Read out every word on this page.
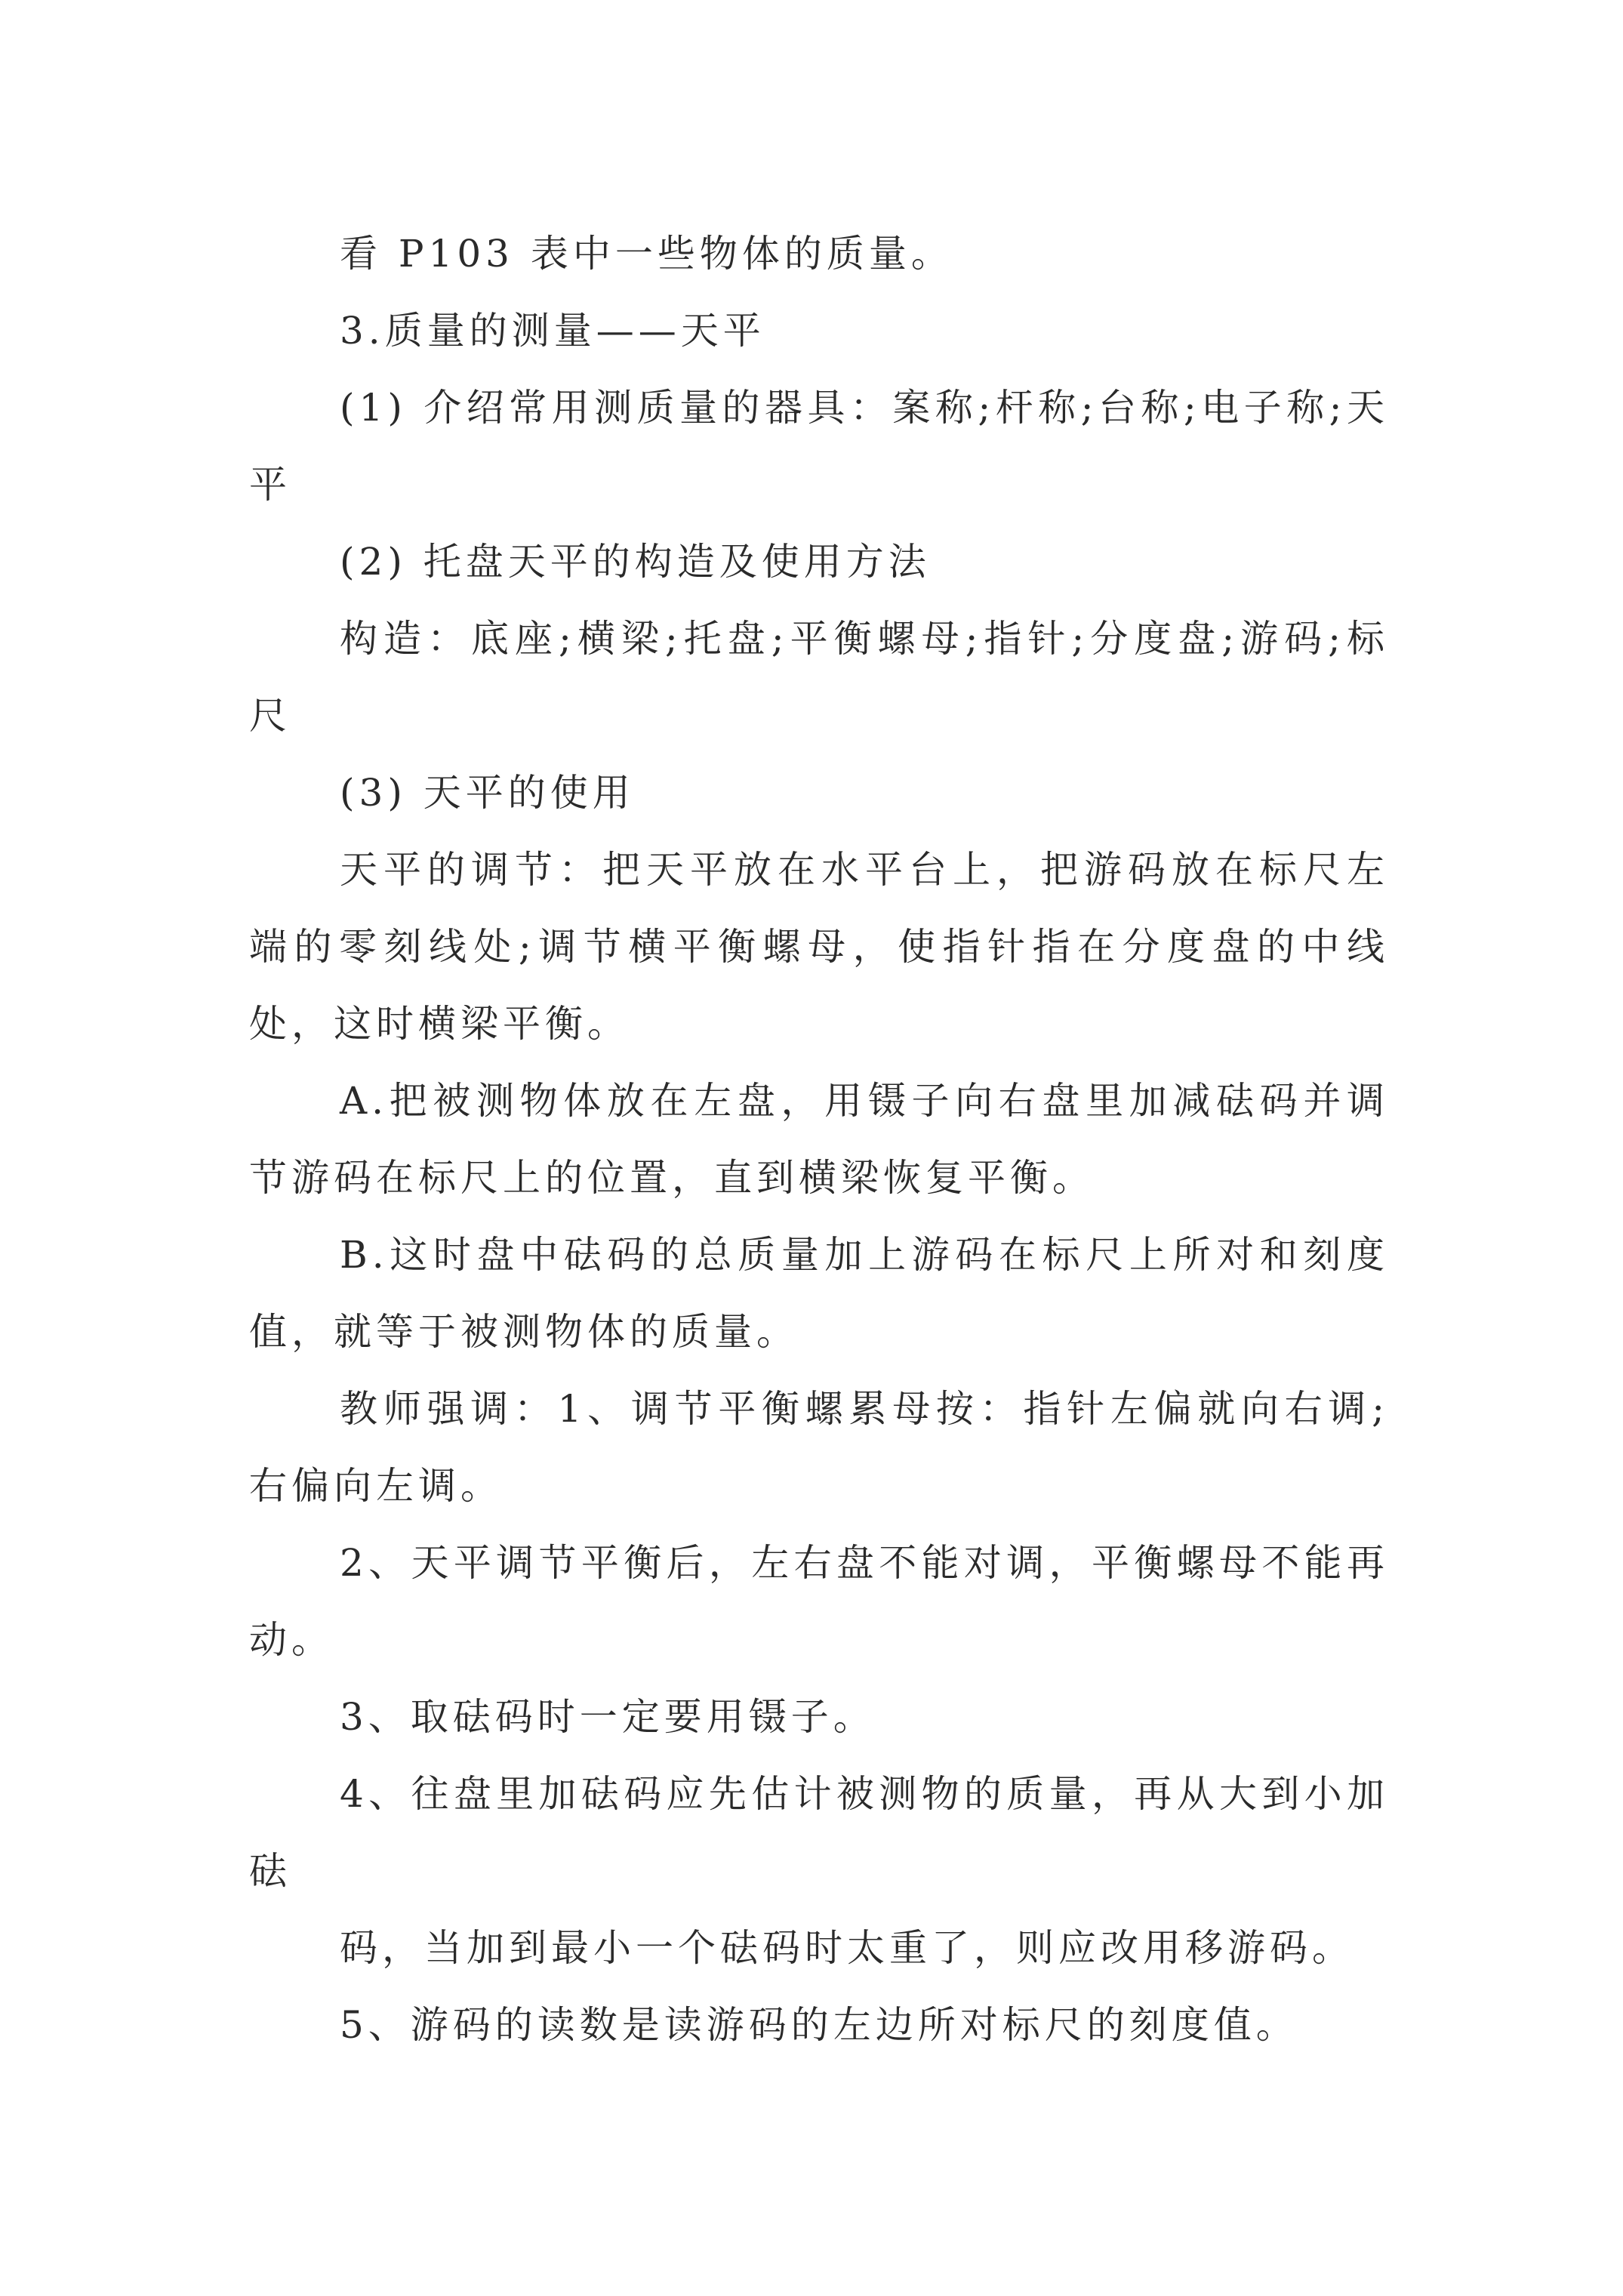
看 P103 表中一些物体的质量。

3.质量的测量——天平

(1) 介绍常用测质量的器具：案称;杆称;台称;电子称;天平

(2) 托盘天平的构造及使用方法

构造：底座;横梁;托盘;平衡螺母;指针;分度盘;游码;标尺

(3) 天平的使用

天平的调节：把天平放在水平台上，把游码放在标尺左端的零刻线处;调节横平衡螺母，使指针指在分度盘的中线处，这时横梁平衡。

A.把被测物体放在左盘，用镊子向右盘里加减砝码并调节游码在标尺上的位置，直到横梁恢复平衡。

B.这时盘中砝码的总质量加上游码在标尺上所对和刻度值，就等于被测物体的质量。

教师强调：1、调节平衡螺累母按：指针左偏就向右调;右偏向左调。

2、天平调节平衡后，左右盘不能对调，平衡螺母不能再动。

3、取砝码时一定要用镊子。

4、往盘里加砝码应先估计被测物的质量，再从大到小加砝

码，当加到最小一个砝码时太重了，则应改用移游码。

5、游码的读数是读游码的左边所对标尺的刻度值。
